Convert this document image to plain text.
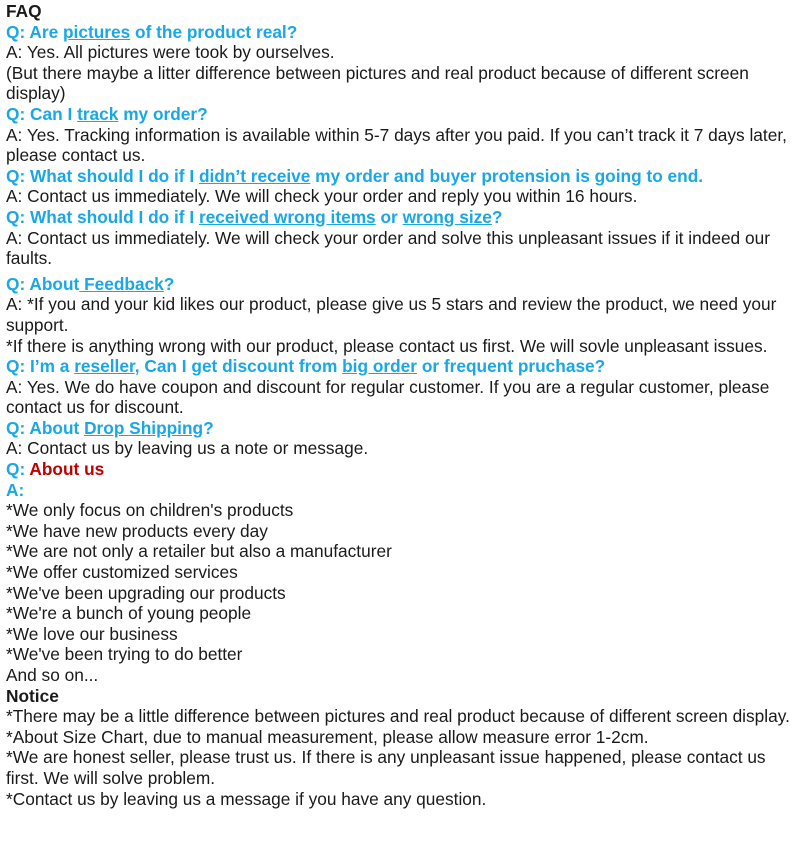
FAQ

Q: Are pictures of the product real?

A: Yes. All pictures were took by ourselves.

(But there maybe a litter difference between pictures and real product because of different screen display)

Q: Can I track my order?

A: Yes. Tracking information is available within 5-7 days after you paid. If you can’t track it 7 days later, please contact us.

Q: What should I do if I didn’t receive my order and buyer protension is going to end.

A: Contact us immediately. We will check your order and reply you within 16 hours.

Q: What should I do if I received wrong items or wrong size?

A: Contact us immediately. We will check your order and solve this unpleasant issues if it indeed our faults.

Q: About Feedback?

A: *If you and your kid likes our product, please give us 5 stars and review the product, we need your support.

*If there is anything wrong with our product, please contact us first. We will sovle unpleasant issues.

Q: I’m a reseller, Can I get discount from big order or frequent pruchase?

A: Yes. We do have coupon and discount for regular customer. If you are a regular customer, please contact us for discount.

Q: About Drop Shipping?

A: Contact us by leaving us a note or message.

Q: About us

A:

*We only focus on children's products

*We have new products every day

*We are not only a retailer but also a manufacturer

*We offer customized services

*We've been upgrading our products

*We're a bunch of young people

*We love our business

*We've been trying to do better

And so on...

Notice

*There may be a little difference between pictures and real product because of different screen display.

*About Size Chart, due to manual measurement, please allow measure error 1-2cm.

*We are honest seller, please trust us. If there is any unpleasant issue happened, please contact us first. We will solve problem.

*Contact us by leaving us a message if you have any question.
